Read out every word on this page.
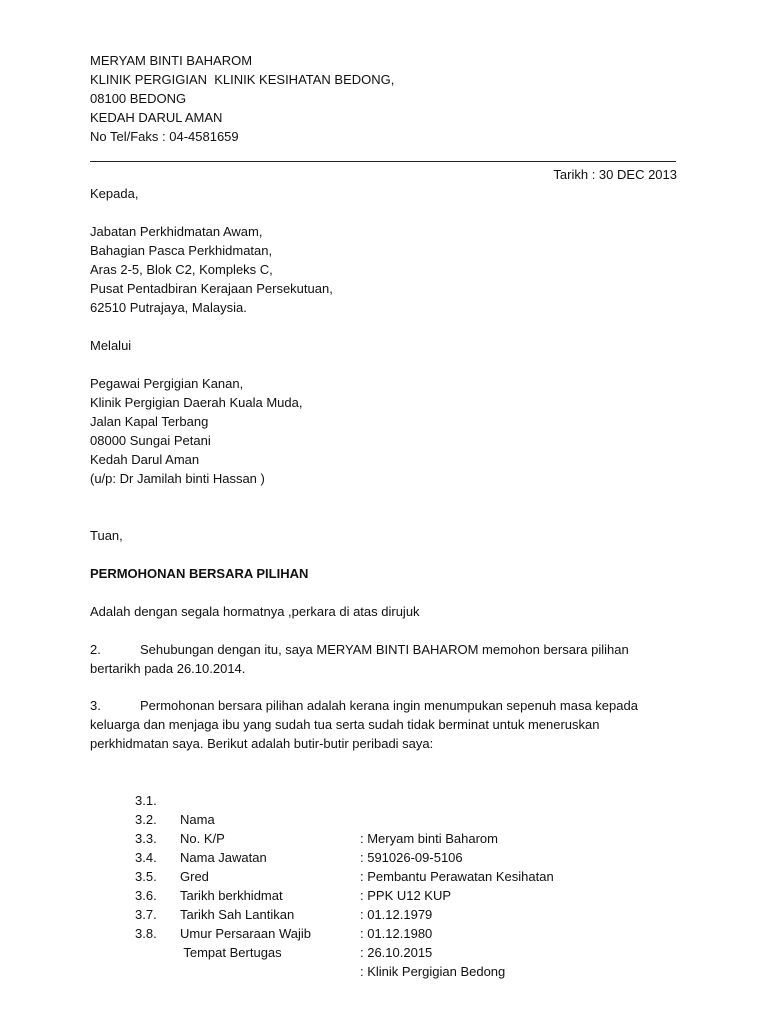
MERYAM BINTI BAHAROM
KLINIK PERGIGIAN  KLINIK KESIHATAN BEDONG,
08100 BEDONG
KEDAH DARUL AMAN
No Tel/Faks : 04-4581659
Tarikh : 30 DEC 2013
Kepada,
Jabatan Perkhidmatan Awam,
Bahagian Pasca Perkhidmatan,
Aras 2-5, Blok C2, Kompleks C,
Pusat Pentadbiran Kerajaan Persekutuan,
62510 Putrajaya, Malaysia.
Melalui
Pegawai Pergigian Kanan,
Klinik Pergigian Daerah Kuala Muda,
Jalan Kapal Terbang
08000 Sungai Petani
Kedah Darul Aman
(u/p: Dr Jamilah binti Hassan )
Tuan,
PERMOHONAN BERSARA PILIHAN
Adalah dengan segala hormatnya ,perkara di atas dirujuk
2.	Sehubungan dengan itu, saya MERYAM BINTI BAHAROM memohon bersara pilihan bertarikh pada 26.10.2014.
3.	Permohonan bersara pilihan adalah kerana ingin menumpukan sepenuh masa kepada keluarga dan menjaga ibu yang sudah tua serta sudah tidak berminat untuk meneruskan perkhidmatan saya. Berikut adalah butir-butir peribadi saya:

3.1.

Nama

: Meryam binti Baharom

3.2.

No. K/P

: 591026-09-5106

3.3.

Nama Jawatan

: Pembantu Perawatan Kesihatan

3.4.

Gred

: PPK U12 KUP

3.5.

Tarikh berkhidmat

: 01.12.1979

3.6.

Tarikh Sah Lantikan

: 01.12.1980

3.7.

Umur Persaraan Wajib

: 26.10.2015

3.8.

Tempat Bertugas

: Klinik Pergigian Bedong
